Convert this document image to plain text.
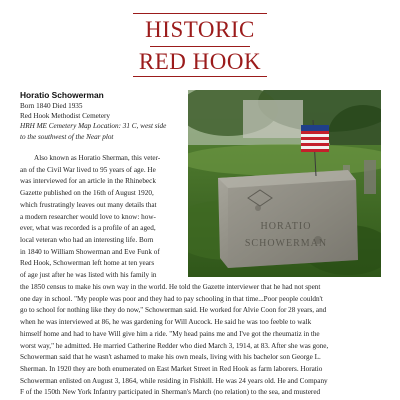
HISTORIC
RED HOOK
Horatio Schowerman
Born 1840 Died 1935
Red Hook Methodist Cemetery
HRH ME Cemetery Map Location: 31 C, west side
to the southwest of the Near plot
Also known as Horatio Sherman, this veter-
an of the Civil War lived to 95 years of age. He
was interviewed for an article in the Rhinebeck
Gazette published on the 16th of August 1920,
which frustratingly leaves out many details that
a modern researcher would love to know: how-
ever, what was recorded is a profile of an aged,
local veteran who had an interesting life. Born
in 1840 to William Showerman and Eve Funk of
Red Hook, Schowerman left home at ten years
of age just after he was listed with his family in
HORATIO
SCHOWERMAN
the 1850 census to make his own way in the world. He told the Gazette interviewer that he had not spent
one day in school. "My people was poor and they had to pay schooling in that time...Poor people couldn't
go to school for nothing like they do now," Schowerman said. He worked for Alvie Coon for 28 years, and
when he was interviewed at 86, he was gardening for Will Aucock. He said he was too feeble to walk
himself home and had to have Will give him a ride. "My head pains me and I've got the rheumatiz in the
worst way," he admitted. He married Catherine Redder who died March 3, 1914, at 83. After she was gone,
Schowerman said that he wasn't ashamed to make his own meals, living with his bachelor son George L.
Sherman. In 1920 they are both enumerated on East Market Street in Red Hook as farm laborers. Horatio
Schowerman enlisted on August 3, 1864, while residing in Fishkill. He was 24 years old. He and Company
F of the 150th New York Infantry participated in Sherman's March (no relation) to the sea, and mustered
